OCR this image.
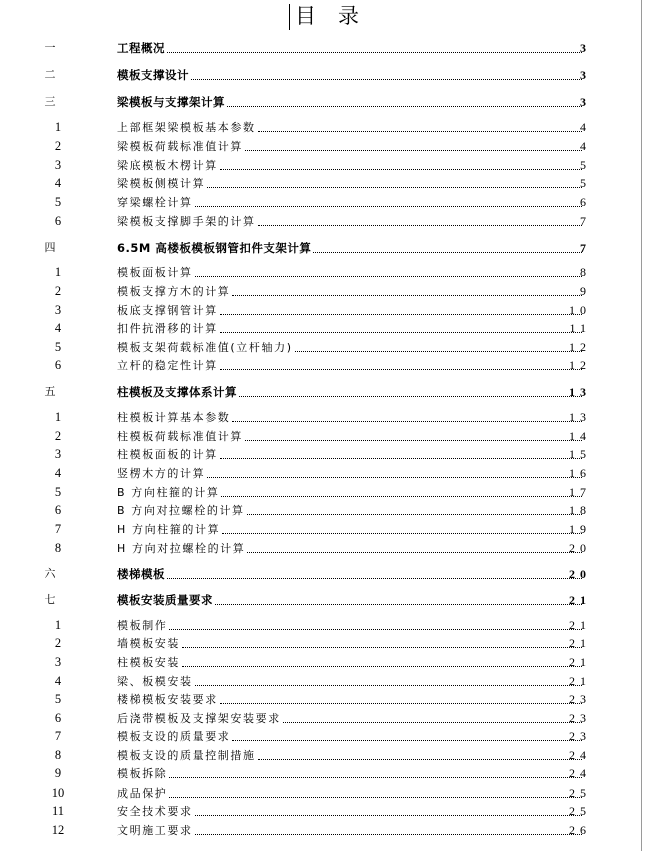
目 录
一	工程概况	3
二	模板支撑设计	3
三	梁模板与支撑架计算	3
1	上部框架梁模板基本参数	4
2	梁模板荷载标准值计算	4
3	梁底模板木楞计算	5
4	梁模板侧模计算	5
5	穿梁螺栓计算	6
6	梁模板支撑脚手架的计算	7
四	6.5M 高楼板模板钢管扣件支架计算	7
1	模板面板计算	8
2	模板支撑方木的计算	9
3	板底支撑钢管计算	10
4	扣件抗滑移的计算	11
5	模板支架荷载标准值(立杆轴力)	12
6	立杆的稳定性计算	12
五	柱模板及支撑体系计算	13
1	柱模板计算基本参数	13
2	柱模板荷载标准值计算	14
3	柱模板面板的计算	15
4	竖楞木方的计算	16
5	B 方向柱箍的计算	17
6	B 方向对拉螺栓的计算	18
7	H 方向柱箍的计算	19
8	H 方向对拉螺栓的计算	20
六	楼梯模板	20
七	模板安装质量要求	21
1	模板制作	21
2	墙模板安装	21
3	柱模板安装	21
4	梁、板模安装	21
5	楼梯模板安装要求	23
6	后浇带模板及支撑架安装要求	23
7	模板支设的质量要求	23
8	模板支设的质量控制措施	24
9	模板拆除	24
10	成品保护	25
11	安全技术要求	25
12	文明施工要求	26
